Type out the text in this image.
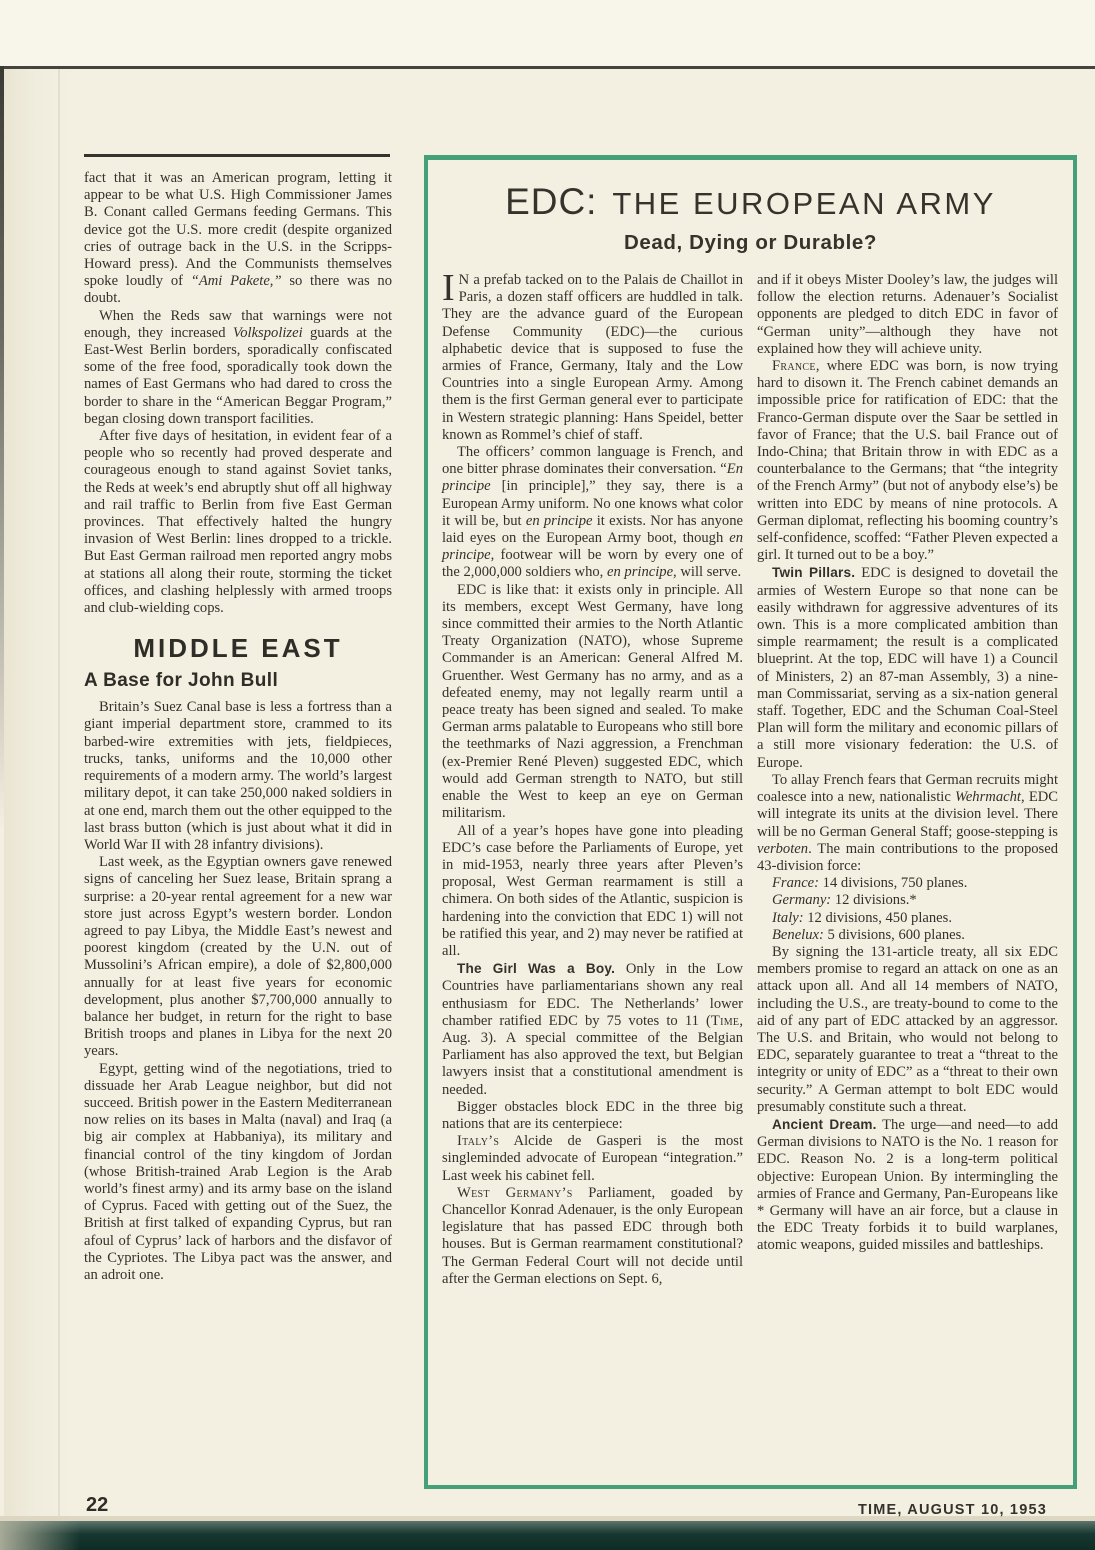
fact that it was an American program, letting it appear to be what U.S. High Commissioner James B. Conant called Germans feeding Germans. This device got the U.S. more credit (despite organized cries of outrage back in the U.S. in the Scripps-Howard press). And the Communists themselves spoke loudly of “Ami Pakete,” so there was no doubt.

When the Reds saw that warnings were not enough, they increased Volkspolizei guards at the East-West Berlin borders, sporadically confiscated some of the free food, sporadically took down the names of East Germans who had dared to cross the border to share in the “American Beggar Program,” began closing down transport facilities.

After five days of hesitation, in evident fear of a people who so recently had proved desperate and courageous enough to stand against Soviet tanks, the Reds at week’s end abruptly shut off all highway and rail traffic to Berlin from five East German provinces. That effectively halted the hungry invasion of West Berlin: lines dropped to a trickle. But East German railroad men reported angry mobs at stations all along their route, storming the ticket offices, and clashing helplessly with armed troops and club-wielding cops.

MIDDLE EAST
A Base for John Bull

Britain’s Suez Canal base is less a fortress than a giant imperial department store, crammed to its barbed-wire extremities with jets, fieldpieces, trucks, tanks, uniforms and the 10,000 other requirements of a modern army. The world’s largest military depot, it can take 250,000 naked soldiers in at one end, march them out the other equipped to the last brass button (which is just about what it did in World War II with 28 infantry divisions).

Last week, as the Egyptian owners gave renewed signs of canceling her Suez lease, Britain sprang a surprise: a 20-year rental agreement for a new war store just across Egypt’s western border. London agreed to pay Libya, the Middle East’s newest and poorest kingdom (created by the U.N. out of Mussolini’s African empire), a dole of $2,800,000 annually for at least five years for economic development, plus another $7,700,000 annually to balance her budget, in return for the right to base British troops and planes in Libya for the next 20 years.

Egypt, getting wind of the negotiations, tried to dissuade her Arab League neighbor, but did not succeed. British power in the Eastern Mediterranean now relies on its bases in Malta (naval) and Iraq (a big air complex at Habbaniya), its military and financial control of the tiny kingdom of Jordan (whose British-trained Arab Legion is the Arab world’s finest army) and its army base on the island of Cyprus. Faced with getting out of the Suez, the British at first talked of expanding Cyprus, but ran afoul of Cyprus’ lack of harbors and the disfavor of the Cypriotes. The Libya pact was the answer, and an adroit one.

EDC: THE EUROPEAN ARMY
Dead, Dying or Durable?

I N a prefab tacked on to the Palais de Chaillot in Paris, a dozen staff officers are huddled in talk. They are the advance guard of the European Defense Community (EDC)—the curious alphabetic device that is supposed to fuse the armies of France, Germany, Italy and the Low Countries into a single European Army. Among them is the first German general ever to participate in Western strategic planning: Hans Speidel, better known as Rommel’s chief of staff.

The officers’ common language is French, and one bitter phrase dominates their conversation. “En principe [in principle],” they say, there is a European Army uniform. No one knows what color it will be, but en principe it exists. Nor has anyone laid eyes on the European Army boot, though en principe, footwear will be worn by every one of the 2,000,000 soldiers who, en principe, will serve.

EDC is like that: it exists only in principle. All its members, except West Germany, have long since committed their armies to the North Atlantic Treaty Organization (NATO), whose Supreme Commander is an American: General Alfred M. Gruenther. West Germany has no army, and as a defeated enemy, may not legally rearm until a peace treaty has been signed and sealed. To make German arms palatable to Europeans who still bore the teethmarks of Nazi aggression, a Frenchman (ex-Premier René Pleven) suggested EDC, which would add German strength to NATO, but still enable the West to keep an eye on German militarism.

All of a year’s hopes have gone into pleading EDC’s case before the Parliaments of Europe, yet in mid-1953, nearly three years after Pleven’s proposal, West German rearmament is still a chimera. On both sides of the Atlantic, suspicion is hardening into the conviction that EDC 1) will not be ratified this year, and 2) may never be ratified at all.

The Girl Was a Boy. Only in the Low Countries have parliamentarians shown any real enthusiasm for EDC. The Netherlands’ lower chamber ratified EDC by 75 votes to 11 (Time, Aug. 3). A special committee of the Belgian Parliament has also approved the text, but Belgian lawyers insist that a constitutional amendment is needed.

Bigger obstacles block EDC in the three big nations that are its centerpiece:

Italy’s Alcide de Gasperi is the most singleminded advocate of European “integration.” Last week his cabinet fell.

West Germany’s Parliament, goaded by Chancellor Konrad Adenauer, is the only European legislature that has passed EDC through both houses. But is German rearmament constitutional? The German Federal Court will not decide until after the German elections on Sept. 6,

and if it obeys Mister Dooley’s law, the judges will follow the election returns. Adenauer’s Socialist opponents are pledged to ditch EDC in favor of “German unity”—although they have not explained how they will achieve unity.

France, where EDC was born, is now trying hard to disown it. The French cabinet demands an impossible price for ratification of EDC: that the Franco-German dispute over the Saar be settled in favor of France; that the U.S. bail France out of Indo-China; that Britain throw in with EDC as a counterbalance to the Germans; that “the integrity of the French Army” (but not of anybody else’s) be written into EDC by means of nine protocols. A German diplomat, reflecting his booming country’s self-confidence, scoffed: “Father Pleven expected a girl. It turned out to be a boy.”

Twin Pillars. EDC is designed to dovetail the armies of Western Europe so that none can be easily withdrawn for aggressive adventures of its own. This is a more complicated ambition than simple rearmament; the result is a complicated blueprint. At the top, EDC will have 1) a Council of Ministers, 2) an 87-man Assembly, 3) a nine-man Commissariat, serving as a six-nation general staff. Together, EDC and the Schuman Coal-Steel Plan will form the military and economic pillars of a still more visionary federation: the U.S. of Europe.

To allay French fears that German recruits might coalesce into a new, nationalistic Wehrmacht, EDC will integrate its units at the division level. There will be no German General Staff; goose-stepping is verboten. The main contributions to the proposed 43-division force:

France: 14 divisions, 750 planes.
Germany: 12 divisions.*
Italy: 12 divisions, 450 planes.
Benelux: 5 divisions, 600 planes.

By signing the 131-article treaty, all six EDC members promise to regard an attack on one as an attack upon all. And all 14 members of NATO, including the U.S., are treaty-bound to come to the aid of any part of EDC attacked by an aggressor. The U.S. and Britain, who would not belong to EDC, separately guarantee to treat a “threat to the integrity or unity of EDC” as a “threat to their own security.” A German attempt to bolt EDC would presumably constitute such a threat.

Ancient Dream. The urge—and need—to add German divisions to NATO is the No. 1 reason for EDC. Reason No. 2 is a long-term political objective: European Union. By intermingling the armies of France and Germany, Pan-Europeans like

* Germany will have an air force, but a clause in the EDC Treaty forbids it to build warplanes, atomic weapons, guided missiles and battleships.

22	TIME, AUGUST 10, 1953
